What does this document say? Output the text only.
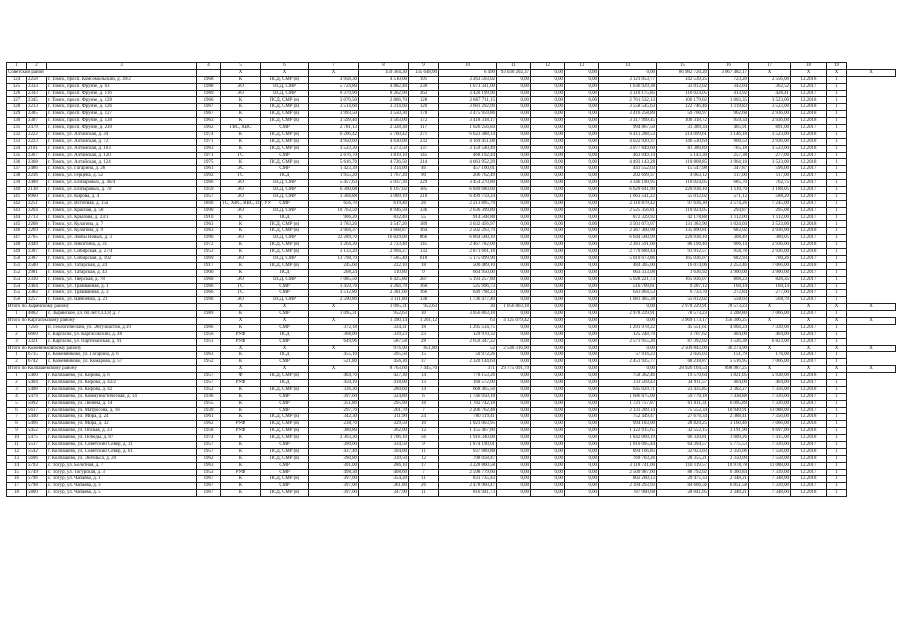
1	2	3	4	5	6	7	8	9	10	11	12	13	14	15	16	17	18	19	
Советский район				X	X	X	159 364,30	135 648,00	6 490	93 030 202,37	0,00	0,00	0,00	86 982 720,20	3 067 482,17	X	X	X	X
124	2258	г. Томск, просп. Комсомольский, д. 39/2	1968	К	ПСД, СМР (в)	4 958,30	4 510,00	191	3 263 593,02	0,00	0,00	0,00	3 121 053,77	142 539,25	723,20	2 556,00	12.2018	1	
125	2333	г. Томск, просп. Фрунзе, д. 63	1988	ЭО	ПСД, СМР	5 724,80	4 882,40	230	1 673 341,00	0,00	0,00	0,00	1 636 929,38	33 012,02	342,04	362,52	12.2017	1	
126	2343	г. Томск, просп. Фрунзе, д. 116	1989	ЭО	ПСД, СМР	9 379,90	8 262,90	362	3 420 199,90	0,00	0,00	0,00	3 310 175,85	110 024,05	413,92	428,41	12.2017	1	
127	2345	г. Томск, просп. Фрунзе, д. 128	1966	К	ПСД, СМР (в)	3 076,50	2 866,70	128	2 867 711,15	0,00	0,00	0,00	2 761 532,13	106 179,02	1 003,35	3 523,00	12.2018	1	
128	2213	г. Томск, просп. Фрунзе, д. 126	1967	К	ПСД, СМР (в)	3 514,60	3 314,60	120	3 681 292,09	0,00	0,00	0,00	3 558 545,63	122 746,46	1 119,83	3 523,00	12.2018	1	
129	2385	г. Томск, просп. Фрунзе, д. 127	1967	К	ПСД, СМР (в)	3 993,50	3 550,30	178	3 475 959,86	0,00	0,00	0,00	3 416 258,89	59 700,97	962,68	2 936,00	12.2018	1	
130	2387	г. Томск, просп. Фрунзе, д. 138	1963	К	ПСД, СМР (в)	3 599,40	3 563,00	172	3 418 318,17	0,00	0,00	0,00	3 317 999,45	100 318,72	959,34	2 936,00	12.2018	1	
131	2479	г. Томск, просп. Фрунзе, д. 239	1962	ГВС, ХВС	СМР	2 781,13	2 328,30	117	1 026 256,84	0,00	0,00	0,00	994 867,50	31 389,34	405,91	891,00	12.2017	1	
132	2222	г. Томск, ул. Алтайская, д. 34	1974	К	ПСД, СМР (в)	6 206,42	5 760,42	271	6 623 388,14	0,00	0,00	0,00	6 411 288,53	214 099,61	1 146,18	3 523,00	12.2018	1	
133	2223	г. Томск, ул. Алтайская, д. 72	1971	К	ПСД, СМР (в)	4 950,60	4 630,00	232	4 169 451,08	0,00	0,00	0,00	4 022 920,37	146 530,64	900,53	2 936,00	12.2018	1	
134	2101	г. Томск, ул. Алтайская, д. 103	1963	К	ПСД, СМР (в)	3 523,30	3 273,50	137	3 159 540,49	0,00	0,00	0,00	3 077 849,60	81 380,89	765,18	3 523,00	12.2018	1	
135	2367	г. Томск, ул. Алтайская, д. 120	1971	ГС	СМР	2 676,70	1 819,10	145	468 192,44	0,00	0,00	0,00	463 049,14	5 143,30	257,38	277,00	12.2017	1	
136	2368	г. Томск, ул. Алтайская, д. 124	1975	К	ПСД, СМР (в)	5 616,70	4 726,50	214	4 663 952,29	0,00	0,00	0,00	4 493 143,28	110 808,85	1 964,18	3 523,00	12.2018	1	
137	2486	г. Томск, ул. Гагарина, д. 26	1961	ЭС	СМР	1 423,39	1 314,00	46	457 100,01	0,00	0,00	0,00	441 552,03	15 547,98	347,87	596,00	12.2017	1	
138	2236	г. Томск, ул. Герцена, д. 52	1992	ГС	ПСД	1 955,20	1 767,20	90	206 762,49	0,00	0,00	0,00	202 699,37	4 063,12	117,00	117,00	12.2017	1	
139	2488	г. Томск, ул. Елизаровых, д. 46/4	1966	ЭО	ПСД, СМР	5 457,63	5 037,30	229	3 454 270,80	0,00	0,00	0,00	3 346 190,95	110 024,05	685,70	762,75	12.2017	1	
140	2138	г. Томск, ул. Елизаровых, д. 70	1959	ЭО	ПСД, СМР	6 360,68	6 167,02	185	6 849 680,60	0,00	0,00	0,00	6 629 641,90	220 038,10	1 110,70	1 188,05	12.2017	1	
141	8960	г. Томск, ул. Кирова, д. 4	1957	ЭО	ПСД, СМР	3 304,88	3 009,10	210	6 499 759,24	0,00	0,00	0,00	1 663 541,22	55 012,02	571,12	588,20	12.2017	1	
142	2251	г. Томск, ул. Источная, д. 15а	1800	ТС, ХВС, ВВС, ПУ, УУ	СМР	656,70	619,40	26	2 213 895,79	0,00	0,00	0,00	2 116 879,42	97 636,30	3 574,26	7 245,00	12.2017	1	
143	2264	г. Томск, ул. Красная, д. 58	1990	ЭО	ПСД, СМР	10 762,50	8 946,50	336	2 636 399,80	0,00	0,00	0,00	2 525 356,81	110 024,05	294,87	295,08	12.2017	1	
144	2713	г. Томск, ул. Крылова, д. 23/1	1910	К	ПСД	906,20	832,40	55	914 508,88	0,00	0,00	0,00	872 329,92	42 178,88	1 112,00	1 112,00	12.2017	1	
145	2268	г. Томск, ул. Кулагина, д. 7	1963	К	ПСД, СМР (в)	3 783,20	3 547,20	189	3 632 456,97	0,00	0,00	0,00	3 501 073,07	131 383,90	1 024,04	3 523,00	12.2018	1	
146	2269	г. Томск, ул. Кулагина, д. 9	1963	К	ПСД, СМР (в)	3 904,37	3 668,87	164	2 502 293,79	0,00	0,00	0,00	2 367 400,98	135 890,81	682,02	2 936,00	12.2018	1	
147	2765	г. Томск, ул. Любы Новых, д. 3	1990	ЭО	ПСД, СМР	22 289,70	16 829,00	866	6 864 560,10	0,00	0,00	0,00	6 644 560,99	220 038,10	368,49	380,05	12.2017	1	
148	2449	г. Томск, ул. Никитина, д. 31	1972	К	ПСД, СМР (в)	3 264,30	2 723,40	145	2 467 782,00	0,00	0,00	0,00	2 381 591,60	86 190,40	906,14	2 936,00	12.2018	1	
149	2307	г. Томск, ул. Сибирская, д. 27/4	1953	К	ПСД, СМР (в)	3 133,20	2 994,27	132	2 871 601,18	0,00	0,00	0,00	2 779 689,44	91 912,57	958,78	2 936,00	12.2018	1	
150	2387	г. Томск, ул. Сибирская, д. 102	1969	ЭО	ПСД, СМР	13 798,70	7 585,40	618	5 175 099,90	0,00	0,00	0,00	5 010 673,86	165 036,07	682,93	700,26	12.2017	1	
151	2580	г. Томск, ул. Татарская, д. 24	1917	К	ПСД, СМР (в)	245,60	222,10	18	500 489,10	0,00	0,00	0,00	484 305,00	16 074,06	2 253,46	7 066,00	12.2018	1	
152	2981	г. Томск, ул. Татарская, д. 43	1900	К	ПСД	208,24	110,80	9	664 950,00	0,00	0,00	0,00	663 313,08	1 636,92	3 900,00	3 900,00	12.2017	1	
153	2330	г. Томск, ул. Тверская, д. 78	1960	ЭО	ПСД, СМР	7 085,50	6 425,80	287	5 193 257,80	0,00	0,00	0,00	5 028 221,73	165 036,07	808,23	826,35	12.2017	1	
154	2464	г. Томск, ул. Трамвайная, д. 1	1966	ГС	СМР	3 459,70	3 284,70	160	525 996,73	0,00	0,00	0,00	516 709,61	9 287,12	160,14	160,14	12.2017	1	
155	2382	г. Томск, ул. Трамвайная, д. 3	1966	ГС	СМР	3 512,80	2 381,60	166	649 798,23	0,00	0,00	0,00	641 064,53	6 733,70	272,84	277,00	12.2017	1	
156	2257	г. Томск, ул. Шевченко, д. 21	1990	ЭО	ПСД, СМР	2 590,80	3 111,80	138	1 736 477,40	0,00	0,00	0,00	1 681 465,38	55 012,02	558,03	568,79	12.2017	1	
Итого по Зырянскому району				X	X	X	1 095,31	952,63	30	1 056 803,18	0,00	0,00	0,00	2 978 229,91	78 573,23	X	X	X	X
1	4862	с. Зырянское, ул. 60 лет СССР, д. 7	1989	К	СМР	1 095,31	952,63	30	3 056 803,18	0,00	0,00	0,00	2 978 229,91	78 573,23	3 208,80	7 066,00	12.2017	1	
Итого по Каргасокскому району				X	X	X	1 390,14	1 261,12	63	4 125 079,42	0,00	0,00	0,00	3 969 173,17	156 306,25	X	X	X	X
1	7256	п. Геологический, ул. Энтузиастов, д.19	1966	К	СМР	372,18	334,31	18	1 295 534,75	0,00	0,00	0,00	1 291 978,22	45 551,61	4 004,24	7 339,00	12.2017	1	
2	6669	с. Каргасок, ул. Каргасокский, д. 48	1956	РУФ	ПСД	368,00	339,23	23	129 970,32	0,00	0,00	0,00	125 248,70	3 707,62	404,00	404,00	12.2017	1	
3	3321	с. Каргасок, ул. Партизанская, д. 91	1951	РУФ	СМР	649,96	587,58	28	2 659 347,22	0,00	0,00	0,00	2 571 955,20	87 392,02	1 526,38	6 823,00	12.2017	1	
Итого по Кожевниковскому району				X	X	X	976,90	851,80	52	2 540 316,90	0,00	0,00	0,00	2 509 842,00	30 274,90	X	X	X	X
1	6735	с. Кожевниково, ул. Гагарина, д. 6	1963	К	ПСД	455,10	395,50	15	59 972,26	0,00	0,00	0,00	57 916,23	2 056,03	151,79	176,00	12.2017	1	
2	6742	с. Кожевниково, ул. Комарова, д. 57	1952	К	СМР	521,80	456,30	37	2 320 144,64	0,00	0,00	0,00	2 451 925,77	68 218,87	5 516,95	7 066,00	12.2017	1	
Итого по Колпашевскому району				X	X	X	8 763,60	7 445,70	371	29 775 091,79	0,00	0,00	0,00	28 926 104,54	898 987,25	X	X	X	X
1	5400	г. Колпашево, ул. Кирова, д. 6	1957	Ф	ПСД, СМР (в)	464,70	427,30	14	778 153,26	0,00	0,00	0,00	758 362,46	19 570,64	1 821,05	5 938,00	12.2018	1	
2	5404	г. Колпашево, ул. Кирова, д. 42/2	1957	РУФ	ПСД	450,10	418,00	13	168 572,00	0,00	0,00	0,00	133 569,43	34 911,57	404,00	404,00	12.2017	1	
3	5408	г. Колпашево, ул. Кирова, д. 42	1952	К	ПСД, СМР (в)	336,30	280,60	14	668 465,56	0,00	0,00	0,00	645 029,71	23 435,85	2 382,27	7 356,00	12.2018	1	
4	5479	г. Колпашево, ул. Коммунистическая, д. 14	1936	К	СМР	397,60	324,80	6	1 746 950,18	0,00	0,00	0,00	1 686 875,00	59 770,18	7 438,88	7 339,00	12.2017	1	
5	5092	г. Колпашево, ул. Ленина, д. 14	1955	К	СМР	351,80	295,90	18	1 782 742,18	0,00	0,00	0,00	1 721 757,87	61 011,31	6 095,89	7 339,00	12.2017	1	
6	5617	г. Колпашево, ул. Матросова, д. 18	1939	К	СМР	297,70	201,70	7	2 206 762,48	0,00	0,00	0,00	2 131 209,14	75 552,34	10 940,91	11 088,00	12.2017	1	
7	5440	г. Колпашево, ул. Мира, д. 24	1961	К	ПСД, СМР (в)	342,30	311,90	24	780 119,41	0,00	0,00	0,00	752 449,47	27 670,34	2 388,41	7 356,00	12.2018	1	
8	5496	г. Колпашево, ул. Мира, д. 32	1962	РУФ	ПСД, СМР (в)	238,70	329,50	10	1 023 003,95	0,00	0,00	0,00	994 183,00	28 820,25	3 160,46	7 066,00	12.2018	1	
9	5452	г. Колпашево, ул. Обская, д. 23	1958	РУФ	ПСД, СМР (в)	380,80	362,00	12	1 155 467,80	0,00	0,00	0,00	1 122 915,65	32 552,15	3 191,90	9 697,00	12.2018	1	
10	5475	г. Колпашево, ул. Победы, д. 87	1974	К	ПСД, СМР (в)	2 363,30	1 706,10	56	1 916 340,00	0,00	0,00	0,00	1 842 009,19	66 330,81	1 009,26	7 415,00	12.2018	1	
11	5537	г. Колпашево, ул. Советский Север, д. 11	1957	К	СМР	390,00	334,50	9	1 874 190,01	0,00	0,00	0,00	1 810 095,44	64 394,57	5 775,53	7 339,00	12.2017	1	
12	5542	г. Колпашево, ул. Советский Север, д. 61	1957	К	ПСД, СМР (в)	437,40	394,00	11	937 089,88	0,00	0,00	0,00	894 166,85	32 923,03	2 356,06	7 558,00	12.2018	1	
13	5696	г. Колпашево, ул. Энгельса, д. 20	1962	К	ПСД, СМР (в)	390,80	339,50	12	798 058,47	0,00	0,00	0,00	769 703,26	28 355,21	2 350,09	7 558,00	12.2018	1	
14	5793	с. Тогур, ул. Болотная, д. 7	1963	К	СМР	301,00	286,10	17	3 228 860,58	0,00	0,00	0,00	3 118 741,00	110 119,57	10 978,78	11 088,00	12.2017	1	
15	5749	с. Тогур, ул. Тогурская, д. 3	1953	РУФ	СМР	498,30	408,60	7	2 598 779,60	0,00	0,00	0,00	2 509 987,60	88 792,02	6 360,84	7 339,00	12.2017	1	
16	5796	с. Тогур, ул. Чапаева, д. 1	1967	К	ПСД, СМР (в)	397,00	354,20	11	831 735,43	0,00	0,00	0,00	802 260,13	29 475,33	2 348,21	7 348,00	12.2018	1	
17	5798	с. Тогур, ул. Чапаева, д. 3	1967	К	СМР	397,00	361,80	26	2 478 960,47	0,00	0,00	0,00	2 394 293,93	84 666,56	6 851,58	7 339,00	12.2017	1	
18	5800	с. Тогур, ул. Чапаева, д. 5	1967	К	ПСД, СМР (в)	397,00	347,90	11	816 941,73	0,00	0,00	0,00	787 900,68	28 041,05	2 348,21	7 348,00	12.2018	1	
